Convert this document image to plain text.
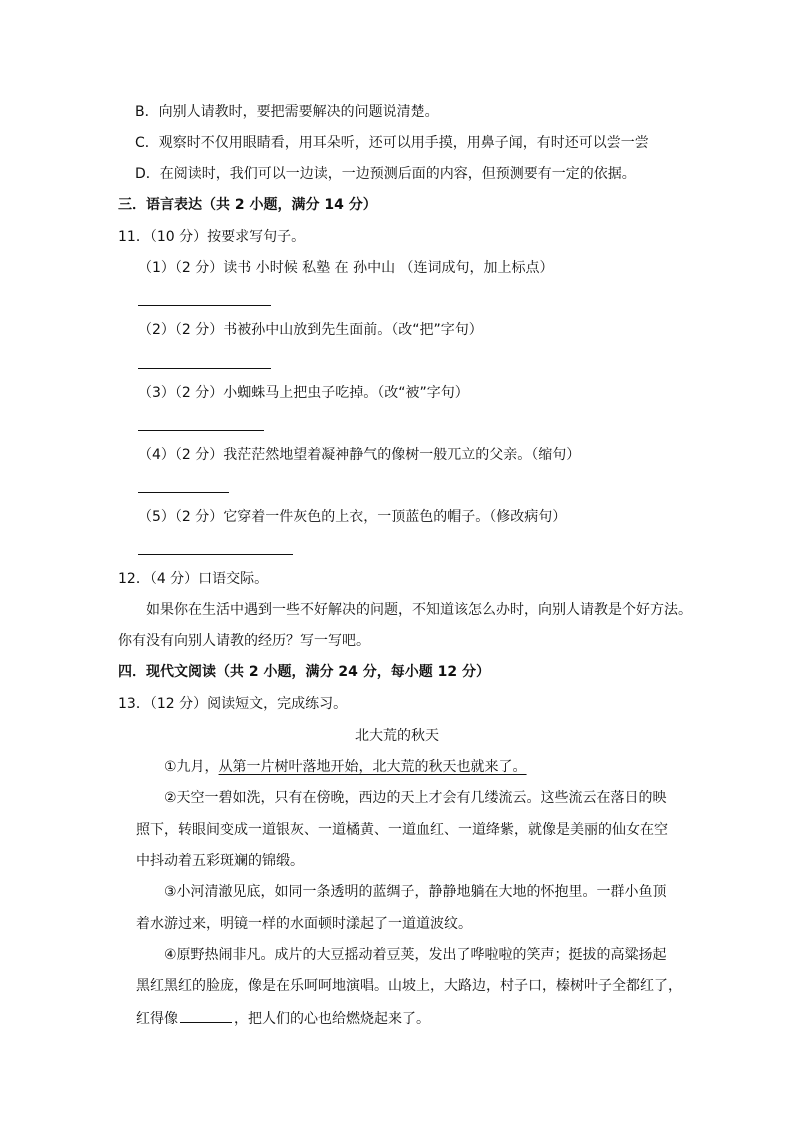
B．向别人请教时，要把需要解决的问题说清楚。
C．观察时不仅用眼睛看，用耳朵听，还可以用手摸，用鼻子闻，有时还可以尝一尝
D．在阅读时，我们可以一边读，一边预测后面的内容，但预测要有一定的依据。
三．语言表达（共 2 小题，满分 14 分）
11．（10 分）按要求写句子。
（1）（2 分）读书 小时候 私塾 在 孙中山 （连词成句，加上标点）
（2）（2 分）书被孙中山放到先生面前。（改“把”字句）
（3）（2 分）小蜘蛛马上把虫子吃掉。（改“被”字句）
（4）（2 分）我茫茫然地望着凝神静气的像树一般兀立的父亲。（缩句）
（5）（2 分）它穿着一件灰色的上衣，一顶蓝色的帽子。（修改病句）
12．（4 分）口语交际。
如果你在生活中遇到一些不好解决的问题，不知道该怎么办时，向别人请教是个好方法。
你有没有向别人请教的经历？写一写吧。
四．现代文阅读（共 2 小题，满分 24 分，每小题 12 分）
13．（12 分）阅读短文，完成练习。
北大荒的秋天
①九月，从第一片树叶落地开始，北大荒的秋天也就来了。
②天空一碧如洗，只有在傍晚，西边的天上才会有几缕流云。这些流云在落日的映
照下，转眼间变成一道银灰、一道橘黄、一道血红、一道绛紫，就像是美丽的仙女在空
中抖动着五彩斑斓的锦缎。
③小河清澈见底，如同一条透明的蓝绸子，静静地躺在大地的怀抱里。一群小鱼顶
着水游过来，明镜一样的水面顿时漾起了一道道波纹。
④原野热闹非凡。成片的大豆摇动着豆荚，发出了哗啦啦的笑声；挺拔的高粱扬起
黑红黑红的脸庞，像是在乐呵呵地演唱。山坡上，大路边，村子口，榛树叶子全都红了，
红得像	，把人们的心也给燃烧起来了。
